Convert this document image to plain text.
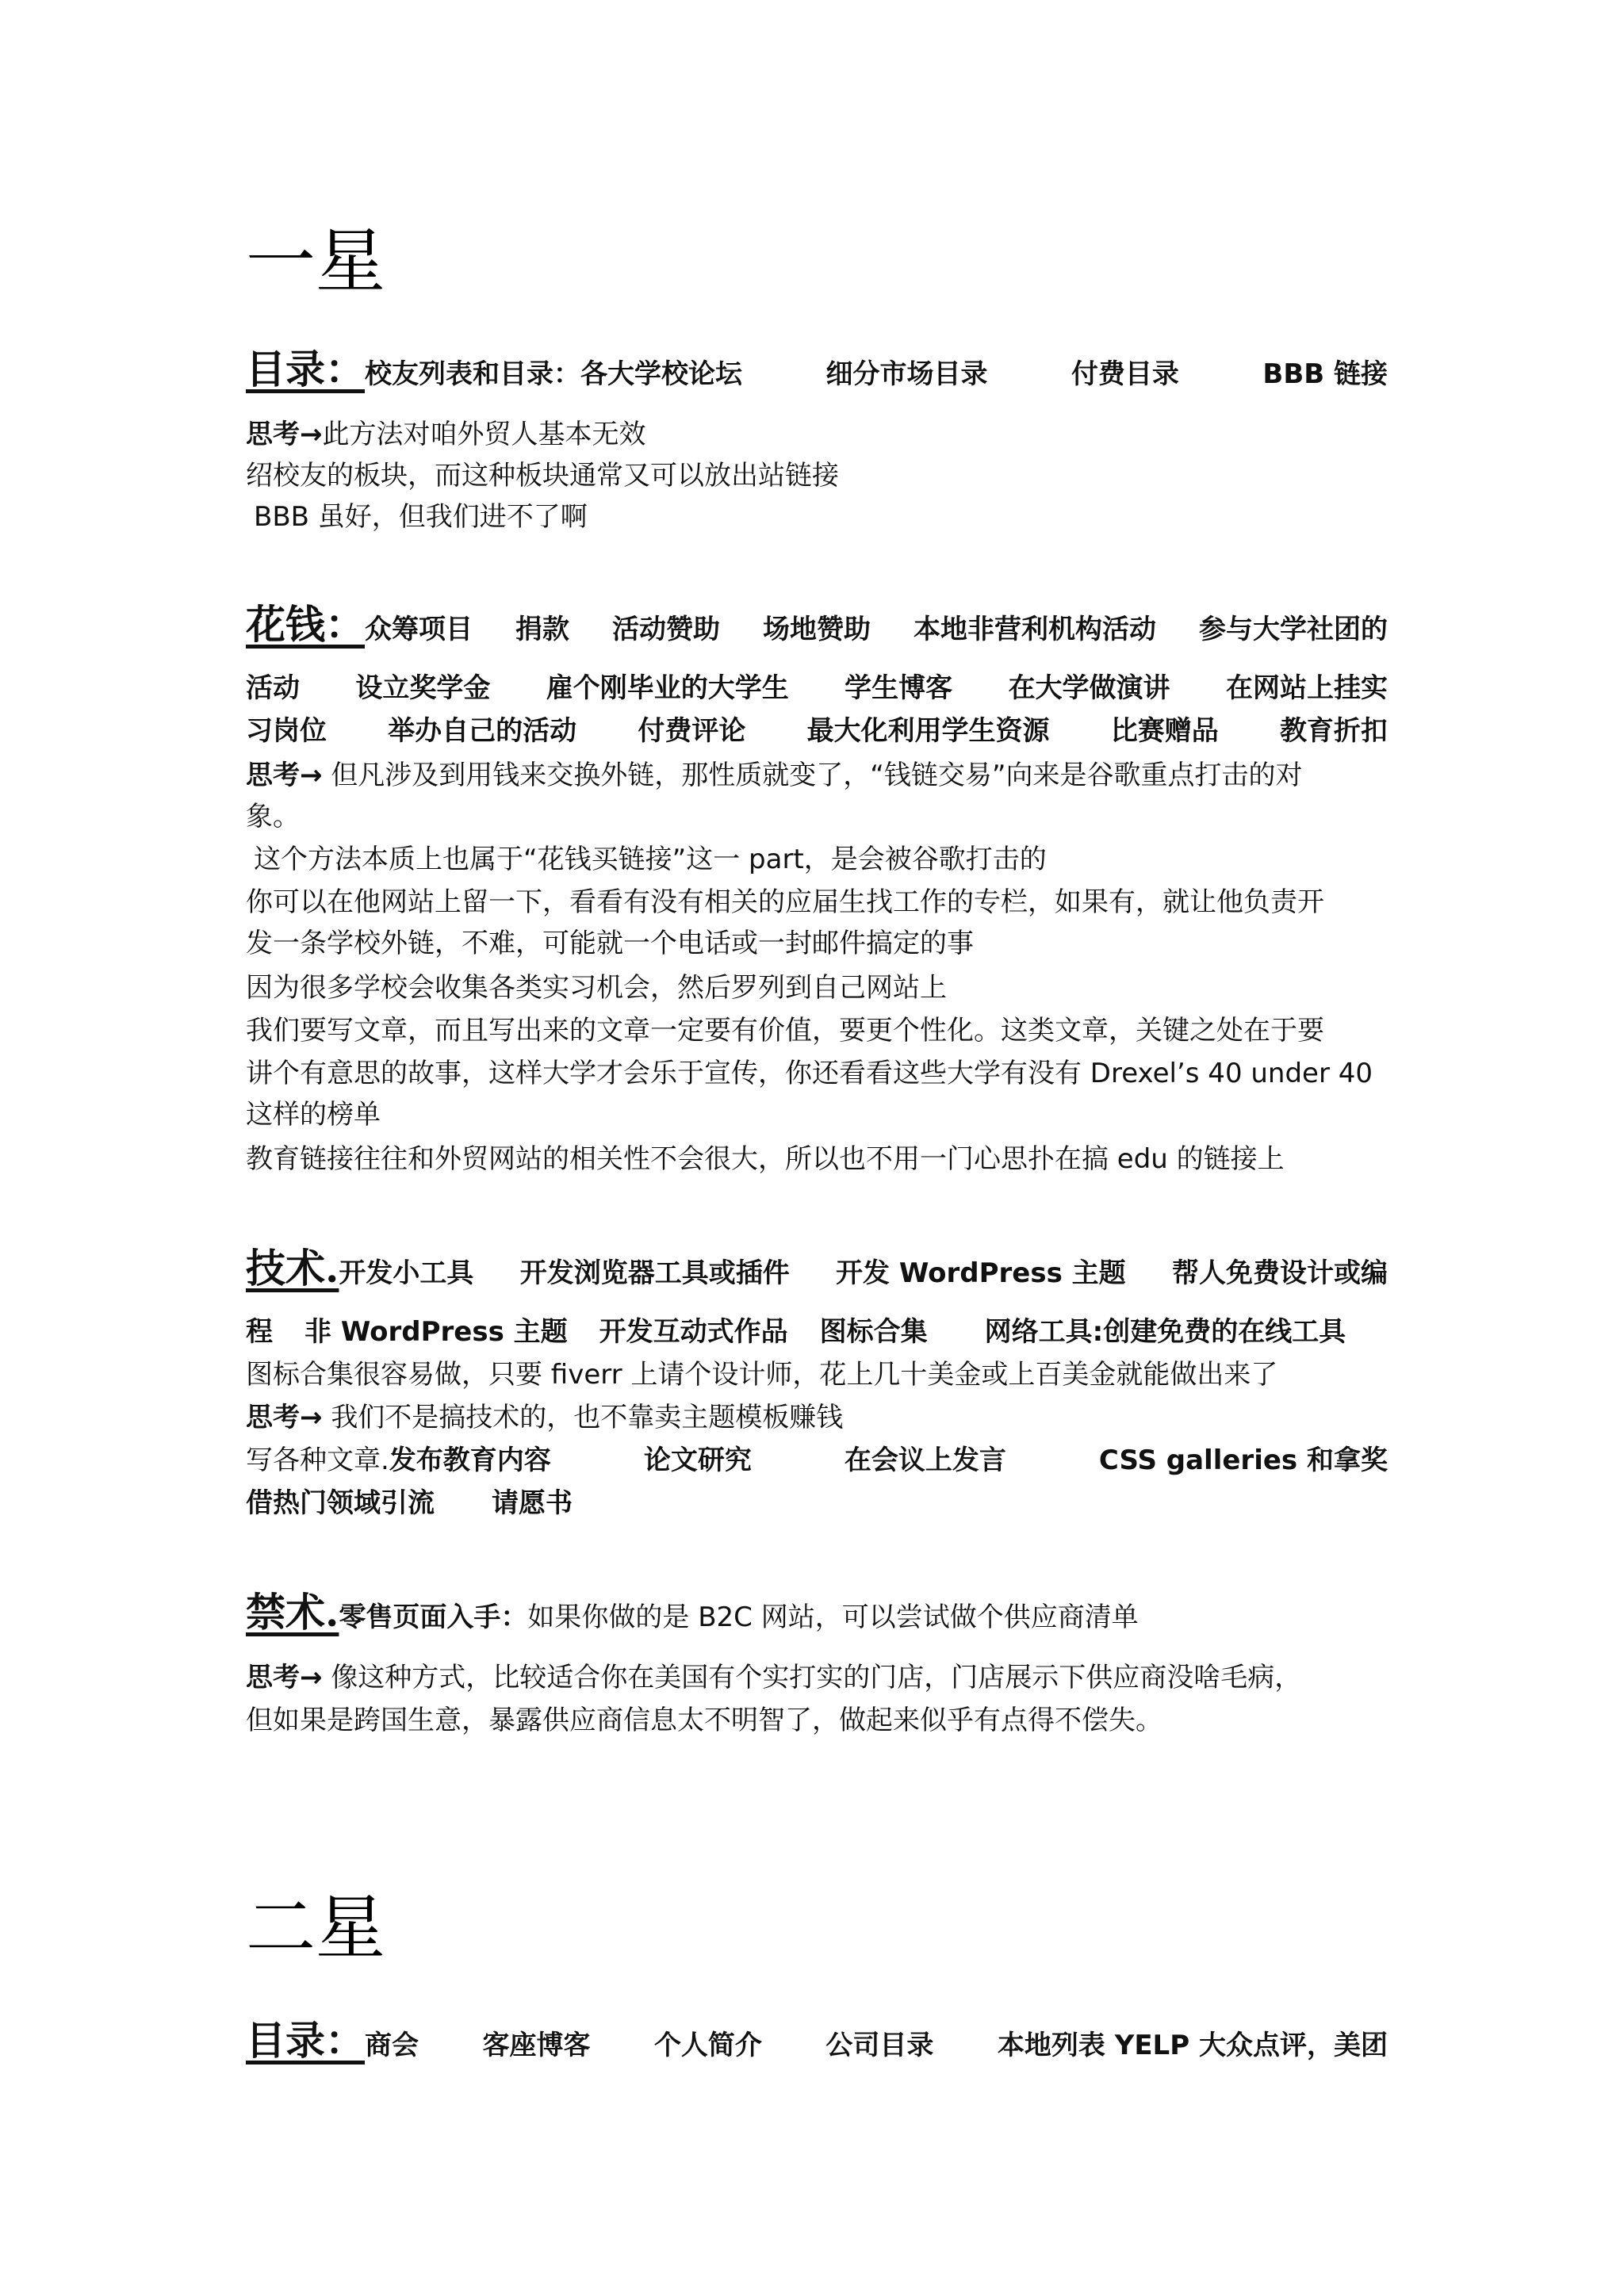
一星
目录：校友列表和目录：各大学校论坛	细分市场目录	付费目录	BBB 链接
思考→此方法对咱外贸人基本无效
绍校友的板块，而这种板块通常又可以放出站链接
BBB 虽好，但我们进不了啊
花钱：众筹项目 捐款 活动赞助 场地赞助 本地非营利机构活动 参与大学社团的
活动 设立奖学金 雇个刚毕业的大学生 学生博客 在大学做演讲 在网站上挂实
习岗位 举办自己的活动 付费评论 最大化利用学生资源 比赛赠品 教育折扣
思考→ 但凡涉及到用钱来交换外链，那性质就变了，“钱链交易”向来是谷歌重点打击的对
象。
这个方法本质上也属于“花钱买链接”这一 part，是会被谷歌打击的
你可以在他网站上留一下，看看有没有相关的应届生找工作的专栏，如果有，就让他负责开
发一条学校外链，不难，可能就一个电话或一封邮件搞定的事
因为很多学校会收集各类实习机会，然后罗列到自己网站上
我们要写文章，而且写出来的文章一定要有价值，要更个性化。这类文章，关键之处在于要
讲个有意思的故事，这样大学才会乐于宣传，你还看看这些大学有没有 Drexel’s 40 under 40
这样的榜单
教育链接往往和外贸网站的相关性不会很大，所以也不用一门心思扑在搞 edu 的链接上
技术.开发小工具 开发浏览器工具或插件 开发 WordPress 主题 帮人免费设计或编
程 非 WordPress 主题 开发互动式作品 图标合集 网络工具:创建免费的在线工具
图标合集很容易做，只要 fiverr 上请个设计师，花上几十美金或上百美金就能做出来了
思考→ 我们不是搞技术的，也不靠卖主题模板赚钱
写各种文章.发布教育内容	论文研究	在会议上发言	CSS galleries 和拿奖
借热门领域引流 请愿书
禁术.零售页面入手：如果你做的是 B2C 网站，可以尝试做个供应商清单
思考→ 像这种方式，比较适合你在美国有个实打实的门店，门店展示下供应商没啥毛病，
但如果是跨国生意，暴露供应商信息太不明智了，做起来似乎有点得不偿失。
二星
目录：商会 客座博客 个人简介 公司目录 本地列表 YELP 大众点评，美团
